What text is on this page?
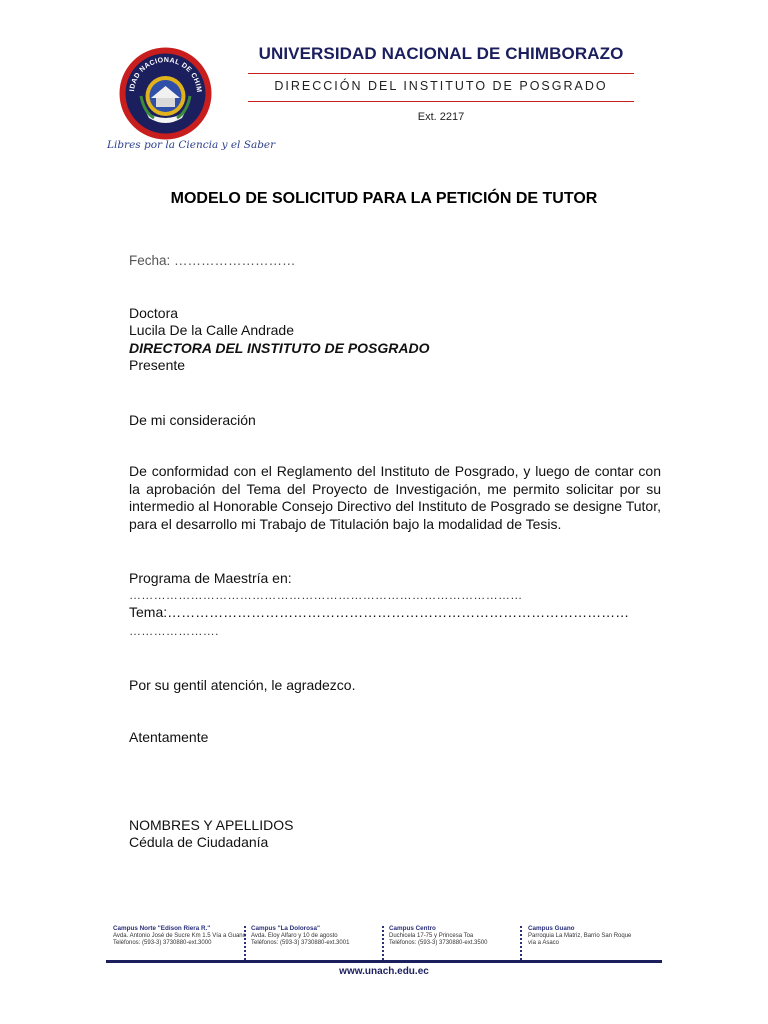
IDAD NACIONAL DE CHIM
Libres por la Ciencia y el Saber
UNIVERSIDAD NACIONAL DE CHIMBORAZO
DIRECCIÓN DEL INSTITUTO DE POSGRADO
Ext. 2217
MODELO DE SOLICITUD PARA LA PETICIÓN DE TUTOR
Fecha: ………………………
Doctora
Lucila De la Calle Andrade
DIRECTORA DEL INSTITUTO DE POSGRADO
Presente
De mi consideración
De conformidad con el Reglamento del Instituto de Posgrado, y luego de contar con la aprobación del Tema del Proyecto de Investigación, me permito solicitar por su intermedio al Honorable Consejo Directivo del Instituto de Posgrado se designe Tutor, para el desarrollo mi Trabajo de Titulación bajo la modalidad de Tesis.
Programa de Maestría en:
……………………………………………………………………………………
Tema:………………………………………………………………………………………
………………….
Por su gentil atención, le agradezco.
Atentamente
NOMBRES Y APELLIDOS
Cédula de Ciudadanía
Campus Norte "Edison Riera R."
Avda. Antonio José de Sucre Km 1.5 Vía a Guano
Teléfonos: (593-3) 3730880-ext.3000
Campus "La Dolorosa"
Avda. Eloy Alfaro y 10 de agosto
Teléfonos: (593-3) 3730880-ext.3001
Campus Centro
Duchicela 17-75 y Princesa Toa
Teléfonos: (593-3) 3730880-ext.3500
Campus Guano
Parroquia La Matriz, Barrio San Roque
vía a Asaco
www.unach.edu.ec
